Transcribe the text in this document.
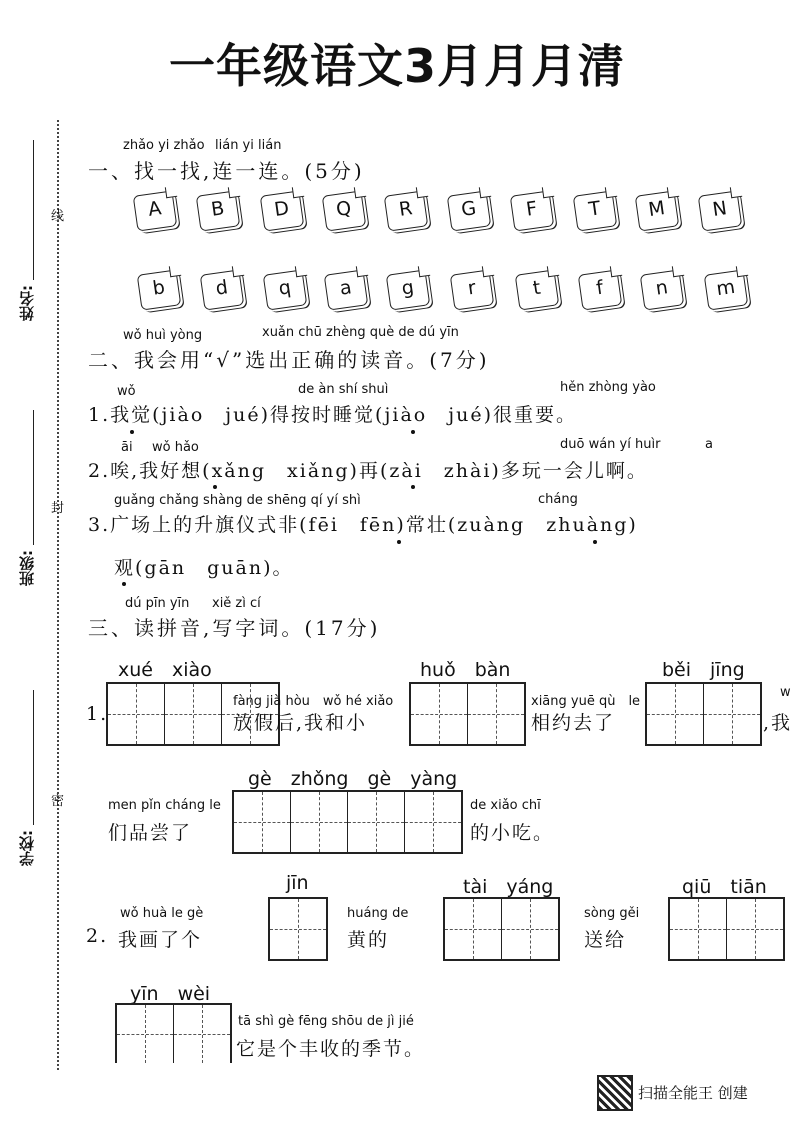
一年级语文3月月月清
姓名:
班级:
学校:
线
封
密
zhǎo yi zhǎo lián yi lián
一、找一找,连一连。(5分)
A	B	D	Q	R	G	F	T	M	N
b	d	q	a	g	r	t	f	n	m
wǒ huì yòng	xuǎn chū zhèng què de dú yīn
二、我会用“√”选出正确的读音。(7分)
wǒ	de àn shí shuì	hěn zhòng yào
1.我觉(jiào　jué)得按时睡觉(jiào　jué)很重要。
āi wǒ hǎo	duō wán yí huìr	a
2.唉,我好想(xǎng　xiǎng)再(zài　zhài)多玩一会儿啊。
guǎng chǎng shàng de shēng qí yí shì	cháng
3.广场上的升旗仪式非(fēi　fēn)常壮(zuàng　zhuàng)
观(gān　guān)。
dú pīn yīn xiě zì cí
三、读拼音,写字词。(17分)
xué　xiào	huǒ　bàn	běi　jīng
w
1.
fàng jià hòu　wǒ hé xiǎo
放假后,我和小
xiāng yuē qù　le
相约去了	,我
gè　zhǒng　gè　yàng
men pǐn cháng le
们品尝了
de xiǎo chī
的小吃。
2.
wǒ huà le gè
我画了个
jīn
huáng de
黄的
tài　yáng
sòng gěi
送给
qiū　tiān
yīn　wèi
tā shì gè fēng shōu de jì jié
它是个丰收的季节。
扫描全能王 创建
